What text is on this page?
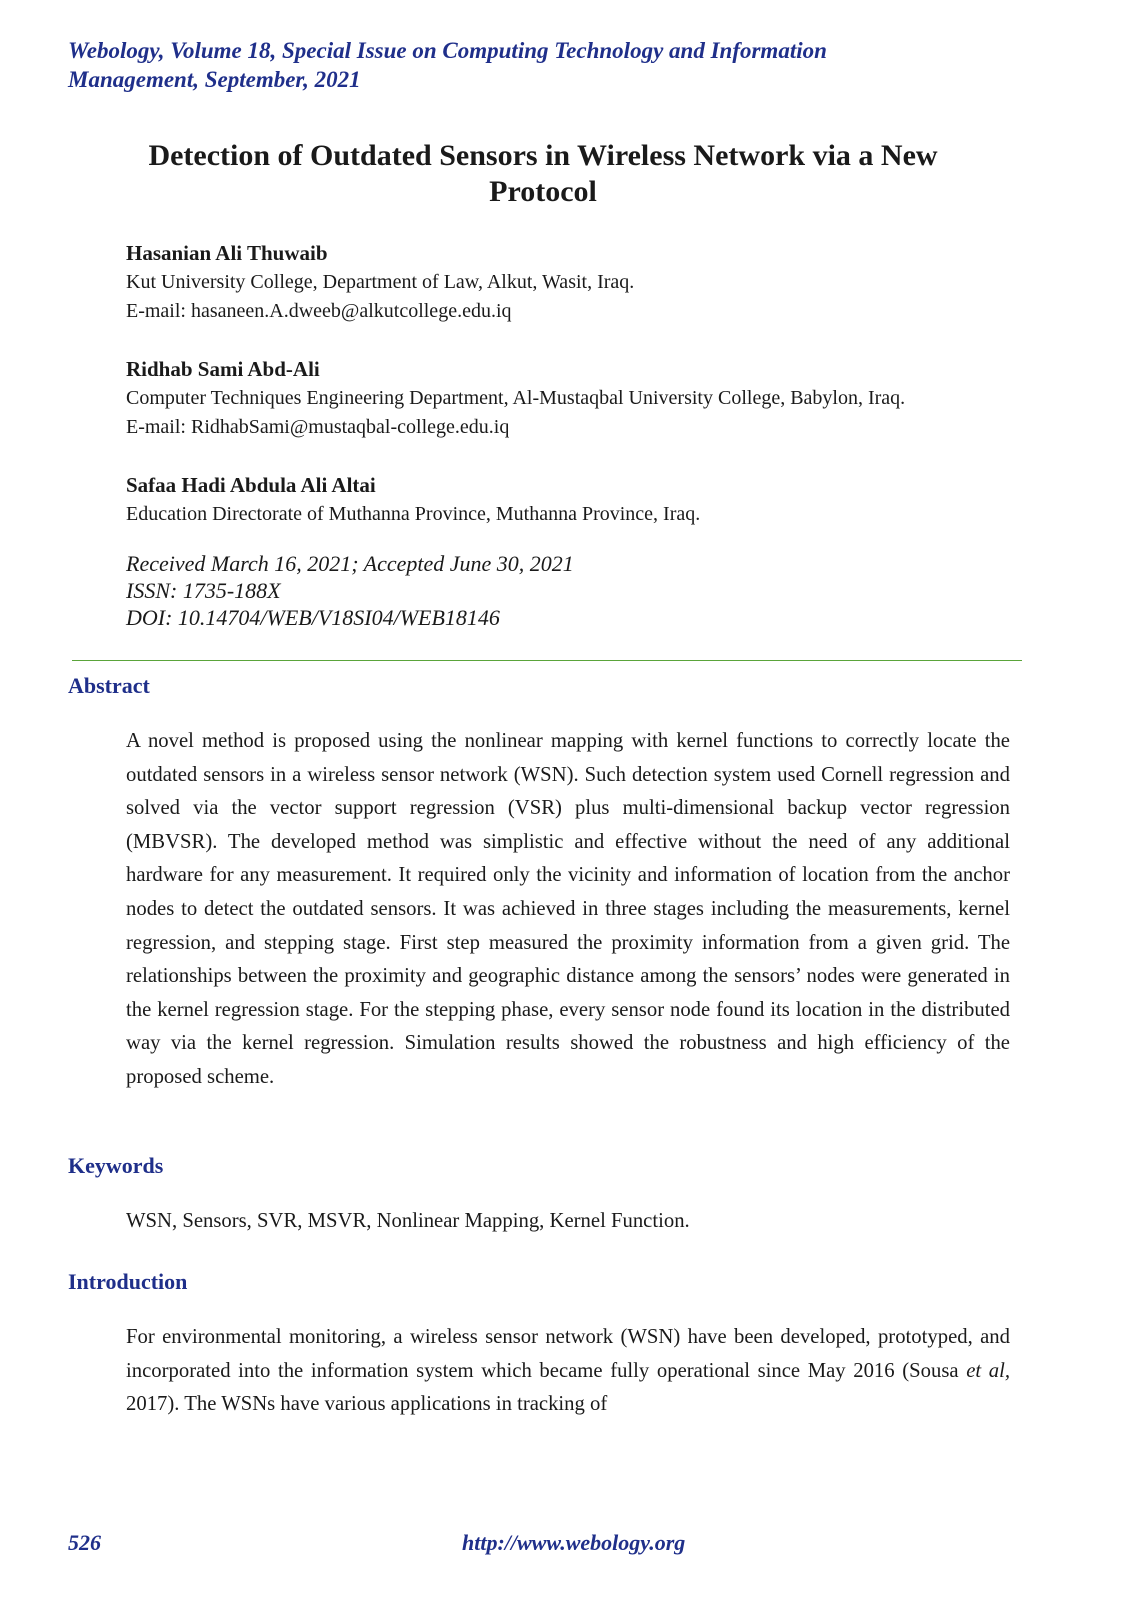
Webology, Volume 18, Special Issue on Computing Technology and Information
Management, September, 2021
Detection of Outdated Sensors in Wireless Network via a New
Protocol
Hasanian Ali Thuwaib
Kut University College, Department of Law, Alkut, Wasit, Iraq.
E-mail: hasaneen.A.dweeb@alkutcollege.edu.iq
Ridhab Sami Abd-Ali
Computer Techniques Engineering Department, Al-Mustaqbal University College, Babylon, Iraq.
E-mail: RidhabSami@mustaqbal-college.edu.iq
Safaa Hadi Abdula Ali Altai
Education Directorate of Muthanna Province, Muthanna Province, Iraq.
Received March 16, 2021; Accepted June 30, 2021
ISSN: 1735-188X
DOI: 10.14704/WEB/V18SI04/WEB18146
Abstract
A novel method is proposed using the nonlinear mapping with kernel functions to correctly locate the outdated sensors in a wireless sensor network (WSN). Such detection system used Cornell regression and solved via the vector support regression (VSR) plus multi-dimensional backup vector regression (MBVSR). The developed method was simplistic and effective without the need of any additional hardware for any measurement. It required only the vicinity and information of location from the anchor nodes to detect the outdated sensors. It was achieved in three stages including the measurements, kernel regression, and stepping stage. First step measured the proximity information from a given grid. The relationships between the proximity and geographic distance among the sensors’ nodes were generated in the kernel regression stage. For the stepping phase, every sensor node found its location in the distributed way via the kernel regression. Simulation results showed the robustness and high efficiency of the proposed scheme.
Keywords
WSN, Sensors, SVR, MSVR, Nonlinear Mapping, Kernel Function.
Introduction
For environmental monitoring, a wireless sensor network (WSN) have been developed, prototyped, and incorporated into the information system which became fully operational since May 2016 (Sousa et al, 2017). The WSNs have various applications in tracking of
526	http://www.webology.org
